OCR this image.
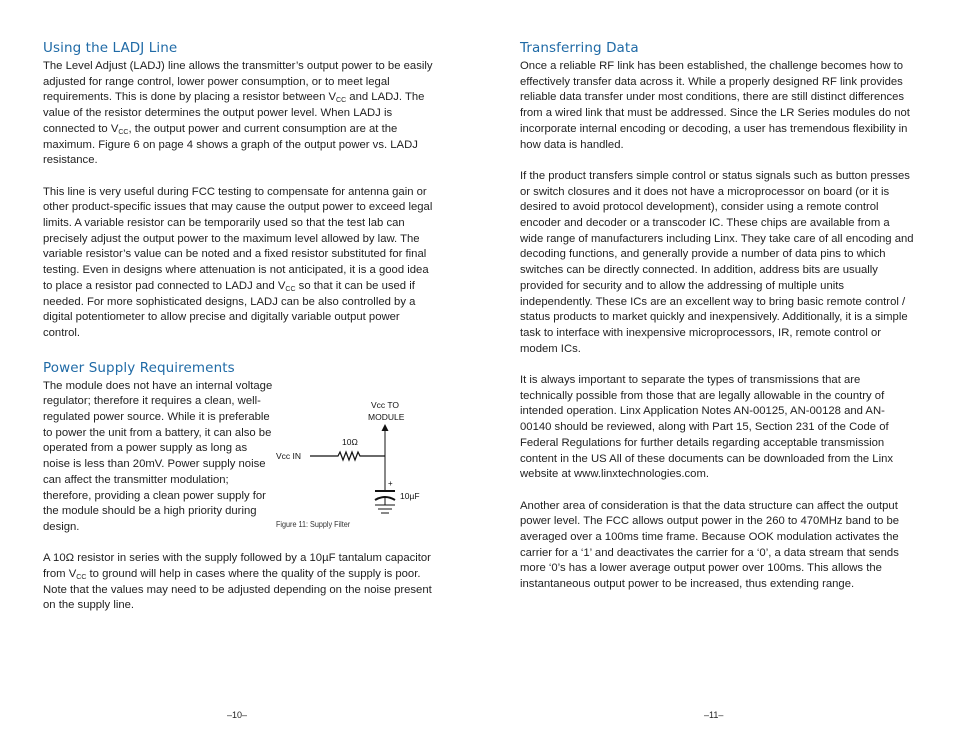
Using the LADJ Line

The Level Adjust (LADJ) line allows the transmitter’s output power to be easily adjusted for range control, lower power consumption, or to meet legal requirements. This is done by placing a resistor between $V_{CC}$ and LADJ. The value of the resistor determines the output power level. When LADJ is connected to $V_{CC}$, the output power and current consumption are at the maximum. Figure 6 on page 4 shows a graph of the output power vs. LADJ resistance.

This line is very useful during FCC testing to compensate for antenna gain or other product-specific issues that may cause the output power to exceed legal limits. A variable resistor can be temporarily used so that the test lab can precisely adjust the output power to the maximum level allowed by law. The variable resistor’s value can be noted and a fixed resistor substituted for final testing. Even in designs where attenuation is not anticipated, it is a good idea to place a resistor pad connected to LADJ and $V_{CC}$ so that it can be used if needed. For more sophisticated designs, LADJ can be also controlled by a digital potentiometer to allow precise and digitally variable output power control.

Power Supply Requirements

The module does not have an internal voltage regulator; therefore it requires a clean, well-regulated power source. While it is preferable to power the unit from a battery, it can also be operated from a power supply as long as noise is less than 20mV. Power supply noise can affect the transmitter modulation; therefore, providing a clean power supply for the module should be a high priority during design.

Vcc TO
MODULE
Vcc IN
10Ω
+
10µF
Figure 11: Supply Filter

A 10Ω resistor in series with the supply followed by a 10µF tantalum capacitor from $V_{CC}$ to ground will help in cases where the quality of the supply is poor. Note that the values may need to be adjusted depending on the noise present on the supply line.

Transferring Data

Once a reliable RF link has been established, the challenge becomes how to effectively transfer data across it. While a properly designed RF link provides reliable data transfer under most conditions, there are still distinct differences from a wired link that must be addressed. Since the LR Series modules do not incorporate internal encoding or decoding, a user has tremendous flexibility in how data is handled.

If the product transfers simple control or status signals such as button presses or switch closures and it does not have a microprocessor on board (or it is desired to avoid protocol development), consider using a remote control encoder and decoder or a transcoder IC. These chips are available from a wide range of manufacturers including Linx. They take care of all encoding and decoding functions, and generally provide a number of data pins to which switches can be directly connected. In addition, address bits are usually provided for security and to allow the addressing of multiple units independently. These ICs are an excellent way to bring basic remote control / status products to market quickly and inexpensively. Additionally, it is a simple task to interface with inexpensive microprocessors, IR, remote control or modem ICs.

It is always important to separate the types of transmissions that are technically possible from those that are legally allowable in the country of intended operation. Linx Application Notes AN-00125, AN-00128 and AN-00140 should be reviewed, along with Part 15, Section 231 of the Code of Federal Regulations for further details regarding acceptable transmission content in the US All of these documents can be downloaded from the Linx website at www.linxtechnologies.com.

Another area of consideration is that the data structure can affect the output power level. The FCC allows output power in the 260 to 470MHz band to be averaged over a 100ms time frame. Because OOK modulation activates the carrier for a ‘1’ and deactivates the carrier for a ‘0’, a data stream that sends more ‘0’s has a lower average output power over 100ms. This allows the instantaneous output power to be increased, thus extending range.

–10–	–11–
